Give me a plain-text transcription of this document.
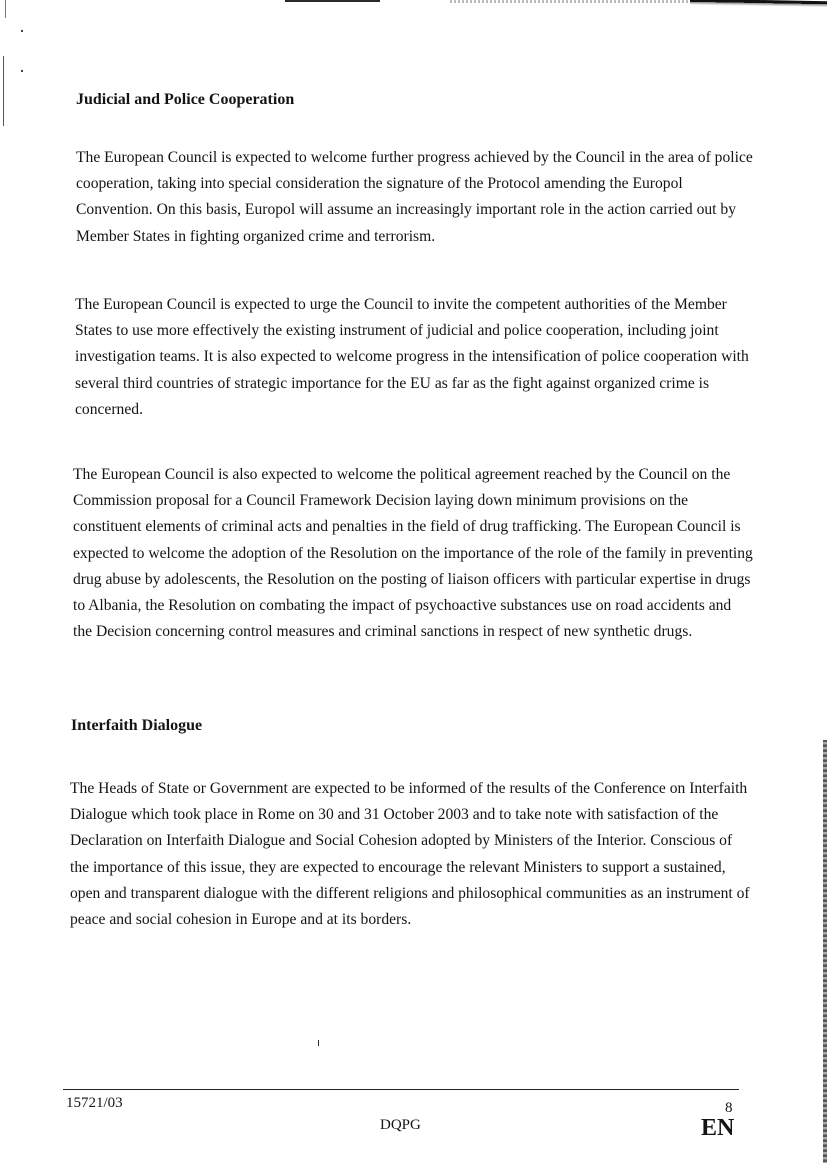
Judicial and Police Cooperation

The European Council is expected to welcome further progress achieved by the Council in the area of police cooperation, taking into special consideration the signature of the Protocol amending the Europol Convention. On this basis, Europol will assume an increasingly important role in the action carried out by Member States in fighting organized crime and terrorism.

The European Council is expected to urge the Council to invite the competent authorities of the Member States to use more effectively the existing instrument of judicial and police cooperation, including joint investigation teams. It is also expected to welcome progress in the intensification of police cooperation with several third countries of strategic importance for the EU as far as the fight against organized crime is concerned.

The European Council is also expected to welcome the political agreement reached by the Council on the Commission proposal for a Council Framework Decision laying down minimum provisions on the constituent elements of criminal acts and penalties in the field of drug trafficking. The European Council is expected to welcome the adoption of the Resolution on the importance of the role of the family in preventing drug abuse by adolescents, the Resolution on the posting of liaison officers with particular expertise in drugs to Albania, the Resolution on combating the impact of psychoactive substances use on road accidents and the Decision concerning control measures and criminal sanctions in respect of new synthetic drugs.

Interfaith Dialogue

The Heads of State or Government are expected to be informed of the results of the Conference on Interfaith Dialogue which took place in Rome on 30 and 31 October 2003 and to take note with satisfaction of the Declaration on Interfaith Dialogue and Social Cohesion adopted by Ministers of the Interior. Conscious of the importance of this issue, they are expected to encourage the relevant Ministers to support a sustained, open and transparent dialogue with the different religions and philosophical communities as an instrument of peace and social cohesion in Europe and at its borders.

15721/03
DQPG
8
EN
